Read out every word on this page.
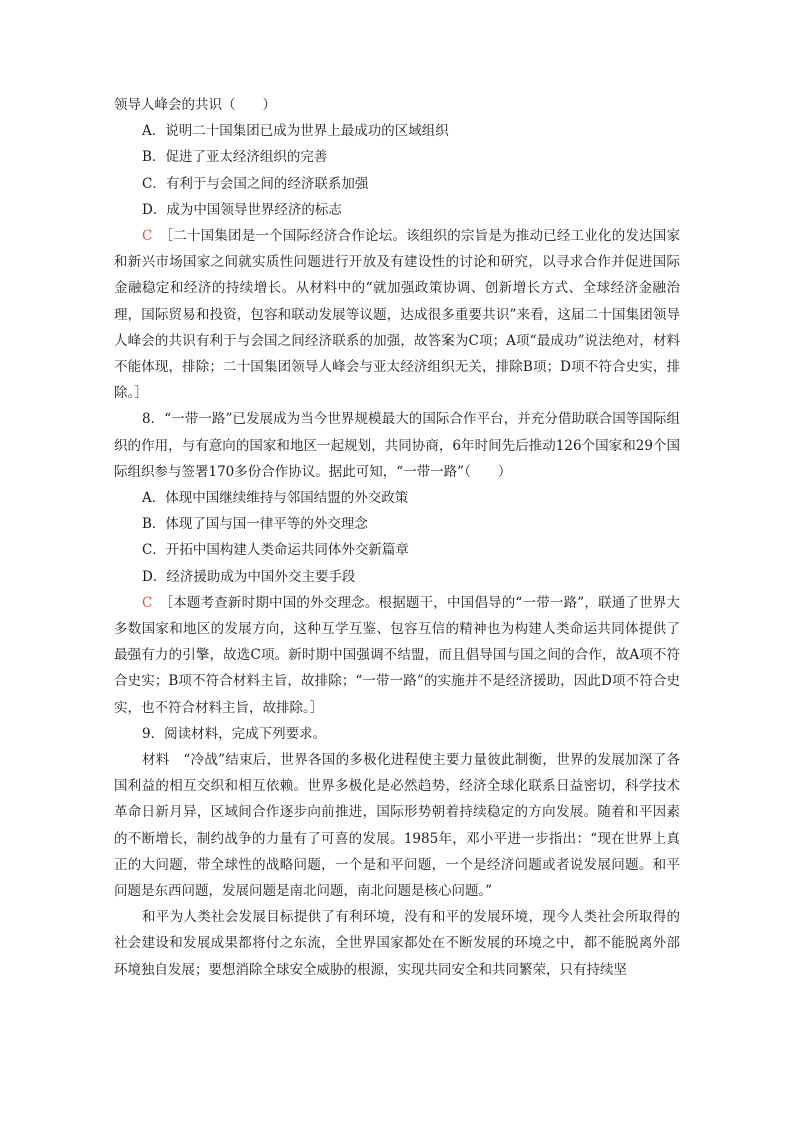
领导人峰会的共识（　　）
A．说明二十国集团已成为世界上最成功的区域组织
B．促进了亚太经济组织的完善
C．有利于与会国之间的经济联系加强
D．成为中国领导世界经济的标志
C　 ［二十国集团是一个国际经济合作论坛。该组织的宗旨是为推动已经工业化的发达国家和新兴市场国家之间就实质性问题进行开放及有建设性的讨论和研究，以寻求合作并促进国际金融稳定和经济的持续增长。从材料中的“就加强政策协调、创新增长方式、全球经济金融治理，国际贸易和投资，包容和联动发展等议题，达成很多重要共识”来看，这届二十国集团领导人峰会的共识有利于与会国之间经济联系的加强，故答案为C项；A项“最成功”说法绝对，材料不能体现，排除；二十国集团领导人峰会与亚太经济组织无关，排除B项；D项不符合史实，排除。］
8．“一带一路”已发展成为当今世界规模最大的国际合作平台，并充分借助联合国等国际组织的作用，与有意向的国家和地区一起规划，共同协商，6年时间先后推动126个国家和29个国际组织参与签署170多份合作协议。据此可知，“一带一路”（　　）
A．体现中国继续维持与邻国结盟的外交政策
B．体现了国与国一律平等的外交理念
C．开拓中国构建人类命运共同体外交新篇章
D．经济援助成为中国外交主要手段
C　 ［本题考查新时期中国的外交理念。根据题干，中国倡导的“一带一路”，联通了世界大多数国家和地区的发展方向，这种互学互鉴、包容互信的精神也为构建人类命运共同体提供了最强有力的引擎，故选C项。新时期中国强调不结盟，而且倡导国与国之间的合作，故A项不符合史实；B项不符合材料主旨，故排除；“一带一路”的实施并不是经济援助，因此D项不符合史实，也不符合材料主旨，故排除。］
9．阅读材料，完成下列要求。
材料　“冷战”结束后，世界各国的多极化进程使主要力量彼此制衡，世界的发展加深了各国利益的相互交织和相互依赖。世界多极化是必然趋势，经济全球化联系日益密切，科学技术革命日新月异，区域间合作逐步向前推进，国际形势朝着持续稳定的方向发展。随着和平因素的不断增长，制约战争的力量有了可喜的发展。1985年，邓小平进一步指出：“现在世界上真正的大问题，带全球性的战略问题，一个是和平问题，一个是经济问题或者说发展问题。和平问题是东西问题，发展问题是南北问题，南北问题是核心问题。”
和平为人类社会发展目标提供了有利环境，没有和平的发展环境，现今人类社会所取得的社会建设和发展成果都将付之东流，全世界国家都处在不断发展的环境之中，都不能脱离外部环境独自发展；要想消除全球安全威胁的根源，实现共同安全和共同繁荣，只有持续坚
